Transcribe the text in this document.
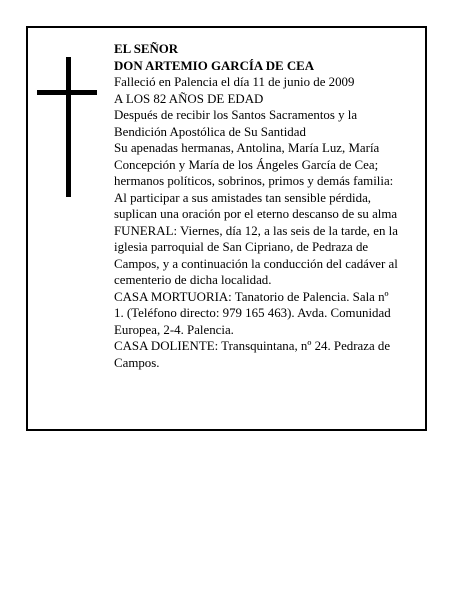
EL SEÑOR

DON ARTEMIO GARCÍA DE CEA

Falleció en Palencia el día 11 de junio de 2009

A LOS 82 AÑOS DE EDAD

Después de recibir los Santos Sacramentos y la

Bendición Apostólica de Su Santidad

Su apenadas hermanas, Antolina, María Luz, María

Concepción y María de los Ángeles García de Cea;

hermanos políticos, sobrinos, primos y demás familia:

Al participar a sus amistades tan sensible pérdida,

suplican una oración por el eterno descanso de su alma

FUNERAL: Viernes, día 12, a las seis de la tarde, en la

iglesia parroquial de San Cipriano, de Pedraza de

Campos, y a continuación la conducción del cadáver al

cementerio de dicha localidad.

CASA MORTUORIA: Tanatorio de Palencia. Sala nº

1. (Teléfono directo: 979 165 463). Avda. Comunidad

Europea, 2-4. Palencia.

CASA DOLIENTE: Transquintana, nº 24. Pedraza de

Campos.
